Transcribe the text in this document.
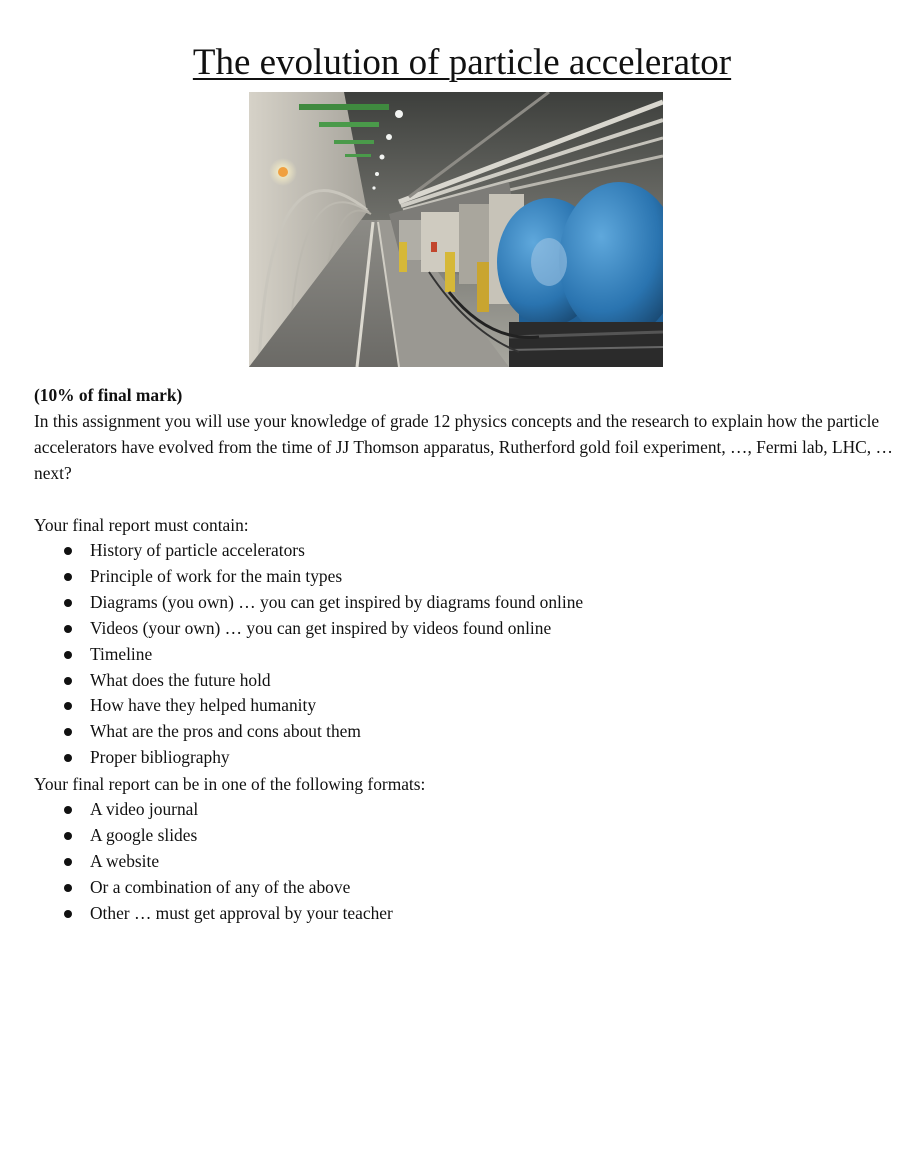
The evolution of particle accelerator

(10% of final mark)

In this assignment you will use your knowledge of grade 12 physics concepts and the research to explain how the particle accelerators have evolved from the time of JJ Thomson apparatus, Rutherford gold foil experiment, …, Fermi lab, LHC, … next?

Your final report must contain:

History of particle accelerators
Principle of work for the main types
Diagrams (you own) … you can get inspired by diagrams found online
Videos (your own) … you can get inspired by videos found online
Timeline
What does the future hold
How have they helped humanity
What are the pros and cons about them
Proper bibliography

Your final report can be in one of the following formats:

A video journal
A google slides
A website
Or a combination of any of the above
Other … must get approval by your teacher
